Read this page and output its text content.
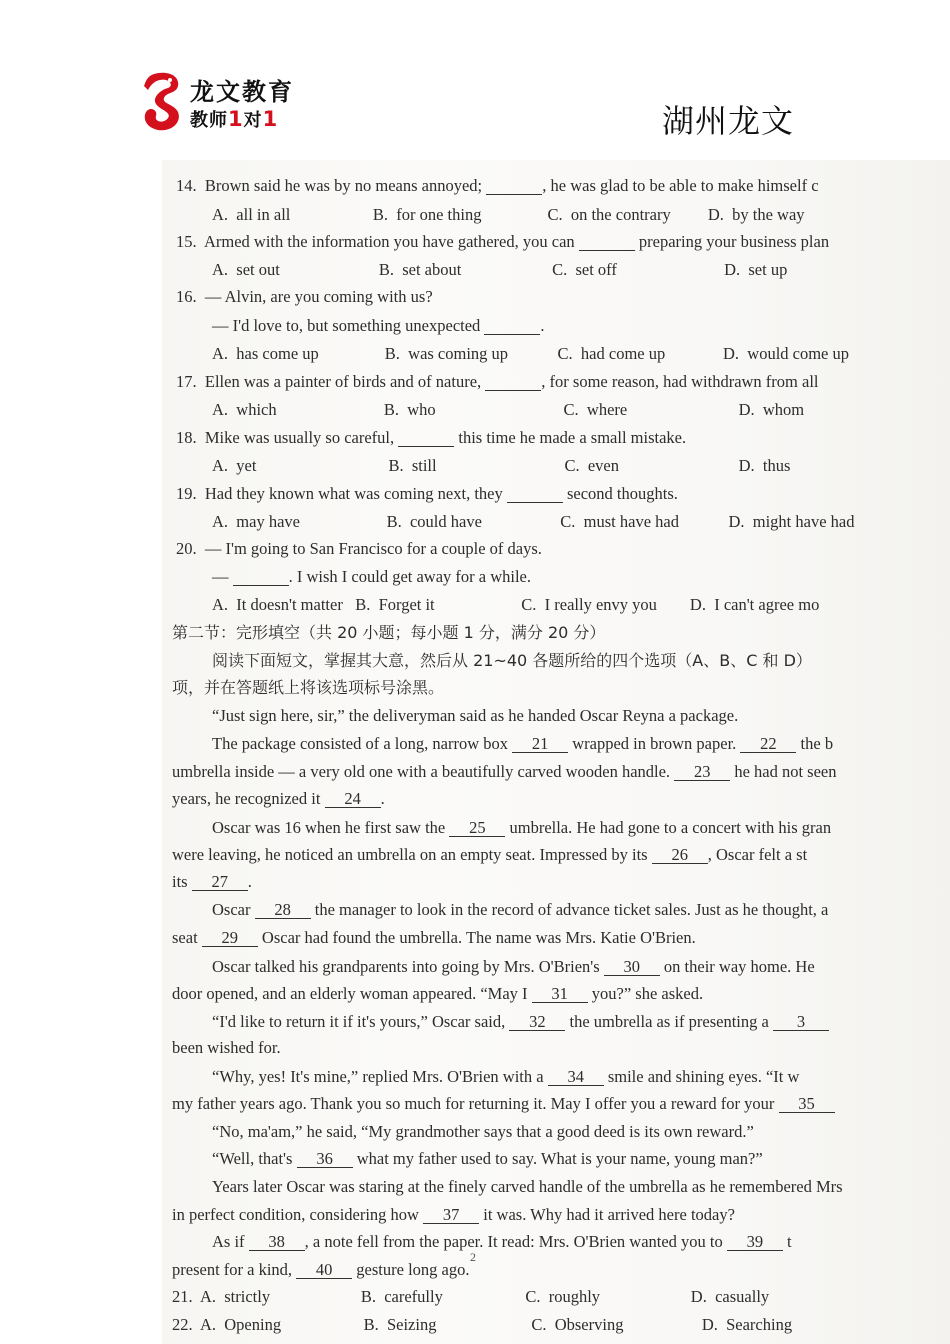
龙文教育
教师1对1	湖州龙文
14.  Brown said he was by no means annoyed;	, he was glad to be able to make himself c
A.  all in all                    B.  for one thing                C.  on the contrary         D.  by the way
15.  Armed with the information you have gathered, you can	preparing your business plan
A.  set out                        B.  set about                      C.  set off                          D.  set up
16.  — Alvin, are you coming with us?
— I'd love to, but something unexpected	.
A.  has come up                B.  was coming up            C.  had come up              D.  would come up
17.  Ellen was a painter of birds and of nature,	, for some reason, had withdrawn from all
A.  which                          B.  who                               C.  where                           D.  whom
18.  Mike was usually so careful,	this time he made a small mistake.
A.  yet                                B.  still                               C.  even                             D.  thus
19.  Had they known what was coming next, they	second thoughts.
A.  may have                     B.  could have                   C.  must have had            D.  might have had
20.  — I'm going to San Francisco for a couple of days.
—	. I wish I could get away for a while.
A.  It doesn't matter   B.  Forget it                     C.  I really envy you        D.  I can't agree mo
第二节：完形填空（共 20 小题；每小题 1 分，满分 20 分）
阅读下面短文，掌握其大意，然后从 21~40 各题所给的四个选项（A、B、C 和 D）
项，并在答题纸上将该选项标号涂黑。
“Just sign here, sir,” the deliveryman said as he handed Oscar Reyna a package.
The package consisted of a long, narrow box 21 wrapped in brown paper. 22 the b
umbrella inside — a very old one with a beautifully carved wooden handle. 23 he had not seen
years, he recognized it 24 .
Oscar was 16 when he first saw the 25 umbrella. He had gone to a concert with his gran
were leaving, he noticed an umbrella on an empty seat. Impressed by its 26 , Oscar felt a st
its 27 .
Oscar 28 the manager to look in the record of advance ticket sales. Just as he thought, a
seat 29 Oscar had found the umbrella. The name was Mrs. Katie O'Brien.
Oscar talked his grandparents into going by Mrs. O'Brien's 30 on their way home. He
door opened, and an elderly woman appeared. “May I 31 you?” she asked.
“I'd like to return it if it's yours,” Oscar said, 32 the umbrella as if presenting a 3
been wished for.
“Why, yes! It's mine,” replied Mrs. O'Brien with a 34 smile and shining eyes. “It w
my father years ago. Thank you so much for returning it. May I offer you a reward for your 35
“No, ma'am,” he said, “My grandmother says that a good deed is its own reward.”
“Well, that's 36 what my father used to say. What is your name, young man?”
Years later Oscar was staring at the finely carved handle of the umbrella as he remembered Mrs
in perfect condition, considering how 37 it was. Why had it arrived here today?
As if 38 , a note fell from the paper. It read: Mrs. O'Brien wanted you to 39 t
present for a kind, 40 gesture long ago.
21.  A.  strictly                      B.  carefully                    C.  roughly                      D.  casually
22.  A.  Opening                    B.  Seizing                       C.  Observing                   D.  Searching
2
